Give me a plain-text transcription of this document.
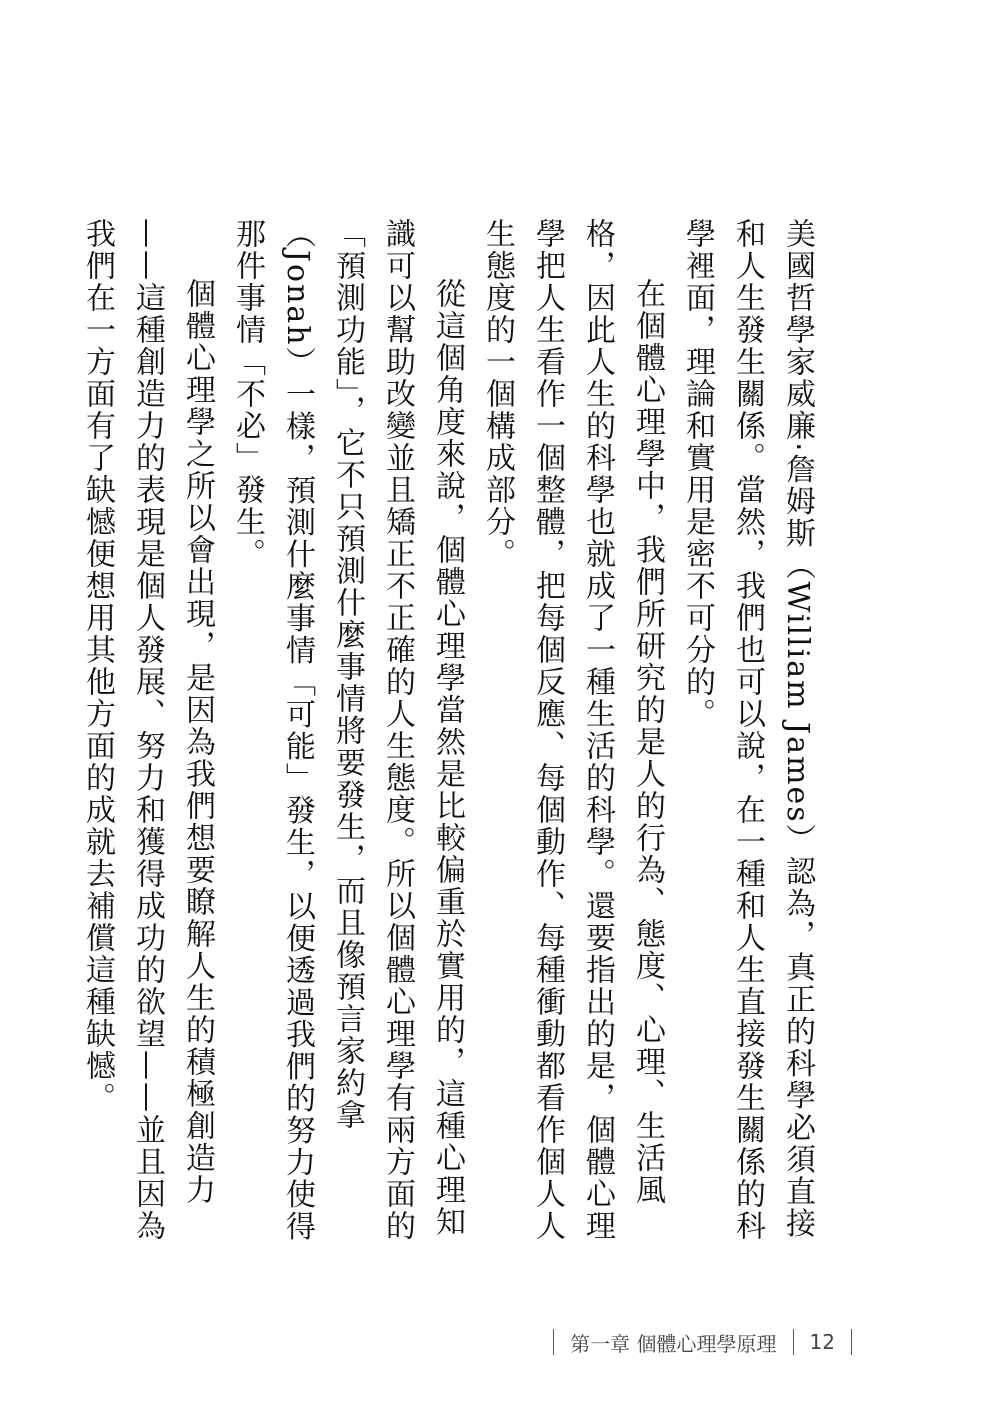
美國哲學家威廉‧詹姆斯（William James）認為，真正的科學必須直接和人生發生關係。當然，我們也可以說，在一種和人生直接發生關係的科學裡面，理論和實用是密不可分的。

在個體心理學中，我們所研究的是人的行為、態度、心理、生活風格，因此人生的科學也就成了一種生活的科學。還要指出的是，個體心理學把人生看作一個整體，把每個反應、每個動作、每種衝動都看作個人人生態度的一個構成部分。

從這個角度來說，個體心理學當然是比較偏重於實用的，這種心理知識可以幫助改變並且矯正不正確的人生態度。所以個體心理學有兩方面的「預測功能」，它不只預測什麼事情將要發生，而且像預言家約拿（Jonah）一樣，預測什麼事情「可能」發生，以便透過我們的努力使得那件事情「不必」發生。

個體心理學之所以會出現，是因為我們想要瞭解人生的積極創造力——這種創造力的表現是個人發展、努力和獲得成功的欲望——並且因為我們在一方面有了缺憾便想用其他方面的成就去補償這種缺憾。

第一章 個體心理學原理 12
